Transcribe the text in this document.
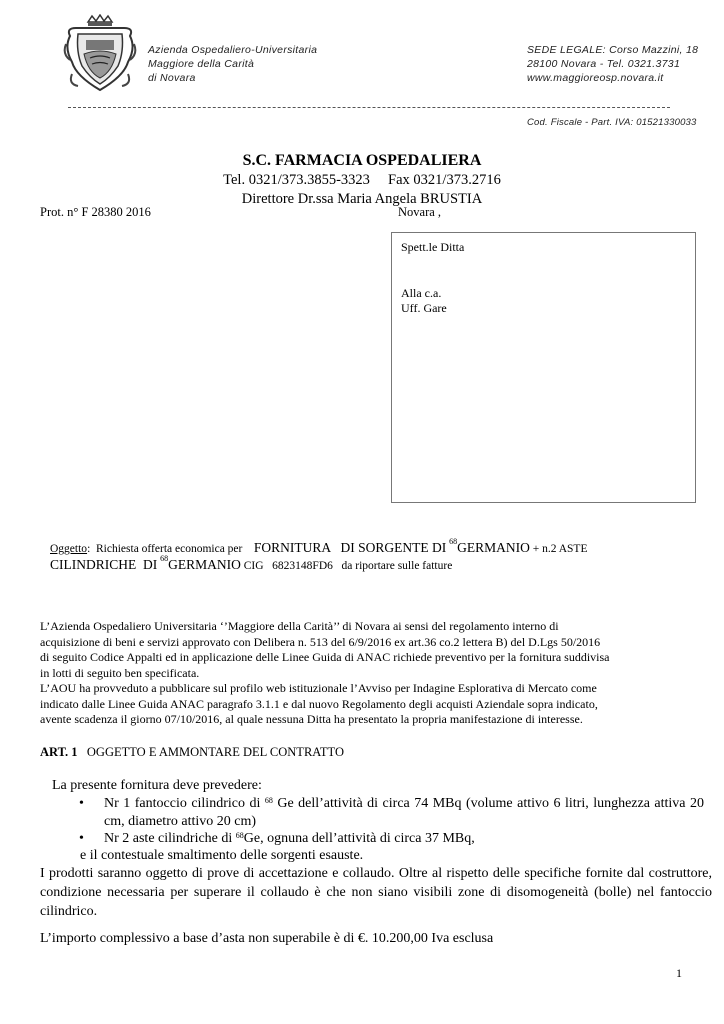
Azienda Ospedaliero-Universitaria
Maggiore della Carità
di Novara
SEDE LEGALE: Corso Mazzini, 18
28100 Novara - Tel. 0321.3731
www.maggioreosp.novara.it
Cod. Fiscale - Part. IVA: 01521330033
S.C. FARMACIA OSPEDALIERA
Tel. 0321/373.3855-3323     Fax 0321/373.2716
Direttore Dr.ssa Maria Angela BRUSTIA
Prot. n° F 28380 2016	Novara ,
Spett.le Ditta
Alla c.a.
Uff. Gare
Oggetto: Richiesta offerta economica per FORNITURA   DI SORGENTE DI $^{68}$GERMANIO + n.2 ASTE
CILINDRICHE  DI $^{68}$GERMANIO CIG   6823148FD6 da riportare sulle fatture
L’Azienda Ospedaliero Universitaria ‘’Maggiore della Carità’’ di Novara ai sensi del regolamento interno di
acquisizione di beni e servizi approvato con Delibera n. 513 del 6/9/2016 ex art.36 co.2 lettera B) del D.Lgs 50/2016
di seguito Codice Appalti ed in applicazione delle Linee Guida di ANAC richiede preventivo per la fornitura suddivisa
in lotti di seguito ben specificata.
L’AOU ha provveduto a pubblicare sul profilo web istituzionale l’Avviso per Indagine Esplorativa di Mercato come
indicato dalle Linee Guida ANAC paragrafo 3.1.1 e dal nuovo Regolamento degli acquisti Aziendale sopra indicato,
avente scadenza il giorno 07/10/2016, al quale nessuna Ditta ha presentato la propria manifestazione di interesse.
ART. 1 OGGETTO E AMMONTARE DEL CONTRATTO
La presente fornitura deve prevedere:
• Nr 1 fantoccio cilindrico di $^{68}$ Ge dell’attività di circa 74 MBq (volume attivo 6 litri, lunghezza attiva 20 cm, diametro attivo 20 cm)
• Nr 2 aste cilindriche di $^{68}$Ge, ognuna dell’attività di circa 37 MBq,
e il contestuale smaltimento delle sorgenti esauste.
I prodotti saranno oggetto di prove di accettazione e collaudo. Oltre al rispetto delle specifiche fornite dal costruttore, condizione necessaria per superare il collaudo è che non siano visibili zone di disomogeneità (bolle) nel fantoccio cilindrico.
L’importo complessivo a base d’asta non superabile è di €. 10.200,00 Iva esclusa
1
